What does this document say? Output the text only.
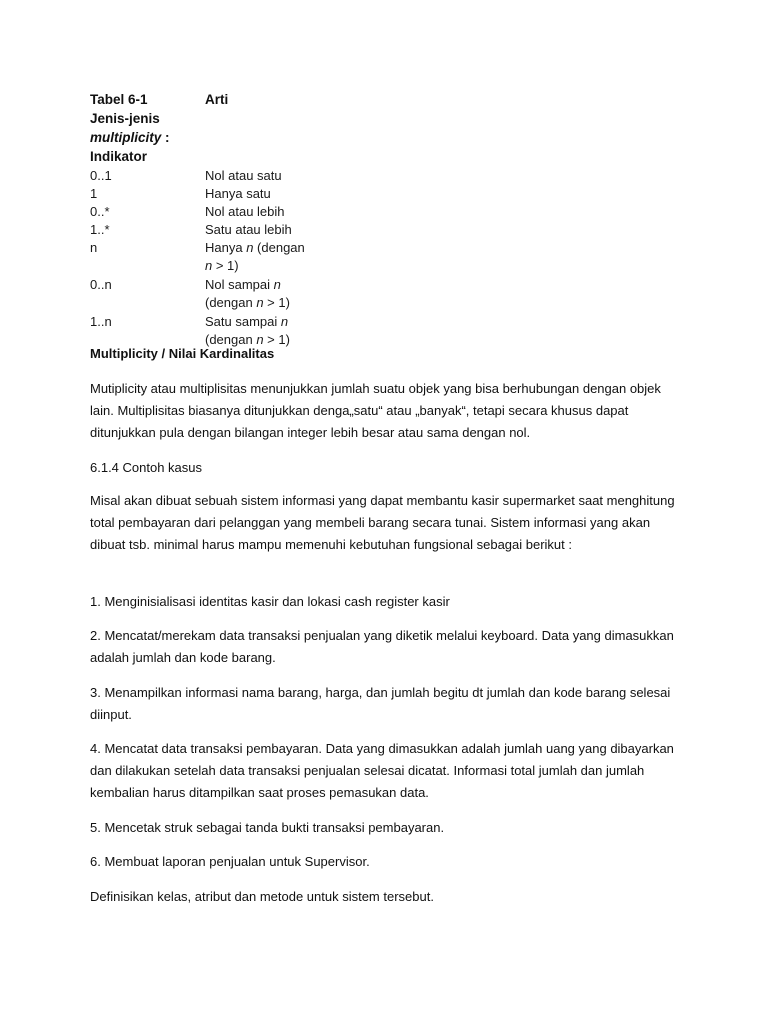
Tabel 6-1	Arti
Jenis-jenis
multiplicity :
Indikator
0..1	Nol atau satu
1	Hanya satu
0..*	Nol atau lebih
1..*	Satu atau lebih
n	Hanya n (dengan
n > 1)
0..n	Nol sampai n
(dengan n > 1)
1..n	Satu sampai n
(dengan n > 1)
Multiplicity / Nilai Kardinalitas
Mutiplicity atau multiplisitas menunjukkan jumlah suatu objek yang bisa berhubungan dengan objek lain. Multiplisitas biasanya ditunjukkan denga„satu“ atau „banyak“, tetapi secara khusus dapat ditunjukkan pula dengan bilangan integer lebih besar atau sama dengan nol.
6.1.4 Contoh kasus
Misal akan dibuat sebuah sistem informasi yang dapat membantu kasir supermarket saat menghitung total pembayaran dari pelanggan yang membeli barang secara tunai. Sistem informasi yang akan dibuat tsb. minimal harus mampu memenuhi kebutuhan fungsional sebagai berikut :
1. Menginisialisasi identitas kasir dan lokasi cash register kasir
2. Mencatat/merekam data transaksi penjualan yang diketik melalui keyboard. Data yang dimasukkan adalah jumlah dan kode barang.
3. Menampilkan informasi nama barang, harga, dan jumlah begitu dt jumlah dan kode barang selesai diinput.
4. Mencatat data transaksi pembayaran. Data yang dimasukkan adalah jumlah uang yang dibayarkan dan dilakukan setelah data transaksi penjualan selesai dicatat. Informasi total jumlah dan jumlah kembalian harus ditampilkan saat proses pemasukan data.
5. Mencetak struk sebagai tanda bukti transaksi pembayaran.
6. Membuat laporan penjualan untuk Supervisor.
Definisikan kelas, atribut dan metode untuk sistem tersebut.
